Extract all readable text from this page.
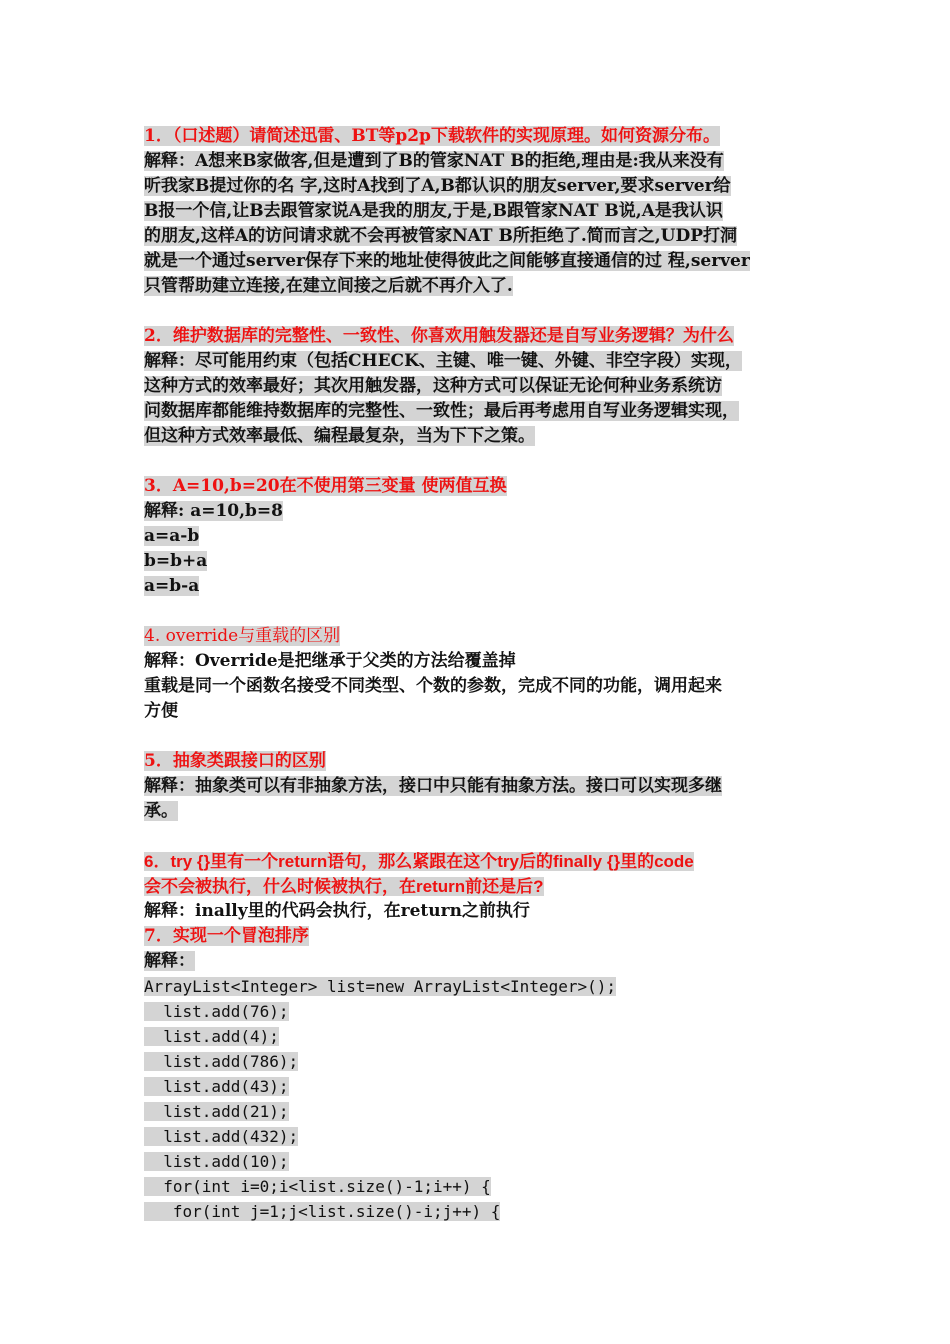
1．（口述题）请简述迅雷、BT等p2p下载软件的实现原理。如何资源分布。
解释：A想来B家做客,但是遭到了B的管家NAT B的拒绝,理由是:我从来没有
听我家B提过你的名 字,这时A找到了A,B都认识的朋友server,要求server给
B报一个信,让B去跟管家说A是我的朋友,于是,B跟管家NAT B说,A是我认识
的朋友,这样A的访问请求就不会再被管家NAT B所拒绝了.简而言之,UDP打洞
就是一个通过server保存下来的地址使得彼此之间能够直接通信的过 程,server
只管帮助建立连接,在建立间接之后就不再介入了.
2．维护数据库的完整性、一致性、你喜欢用触发器还是自写业务逻辑？为什么
解释：尽可能用约束（包括CHECK、主键、唯一键、外键、非空字段）实现，
这种方式的效率最好；其次用触发器，这种方式可以保证无论何种业务系统访
问数据库都能维持数据库的完整性、一致性；最后再考虑用自写业务逻辑实现，
但这种方式效率最低、编程最复杂，当为下下之策。
3．A=10,b=20在不使用第三变量 使两值互换
解释: a=10,b=8
a=a-b
b=b+a
a=b-a
4. override与重载的区别
解释：Override是把继承于父类的方法给覆盖掉
重载是同一个函数名接受不同类型、个数的参数，完成不同的功能，调用起来
方便
5．抽象类跟接口的区别
解释：抽象类可以有非抽象方法，接口中只能有抽象方法。接口可以实现多继
承。
6．try {}里有一个return语句，那么紧跟在这个try后的finally {}里的code
会不会被执行，什么时候被执行，在return前还是后?
解释：inally里的代码会执行，在return之前执行
7．实现一个冒泡排序
解释：
ArrayList<Integer> list=new ArrayList<Integer>();
list.add(76);
list.add(4);
list.add(786);
list.add(43);
list.add(21);
list.add(432);
list.add(10);
for(int i=0;i<list.size()-1;i++) {
for(int j=1;j<list.size()-i;j++) {
